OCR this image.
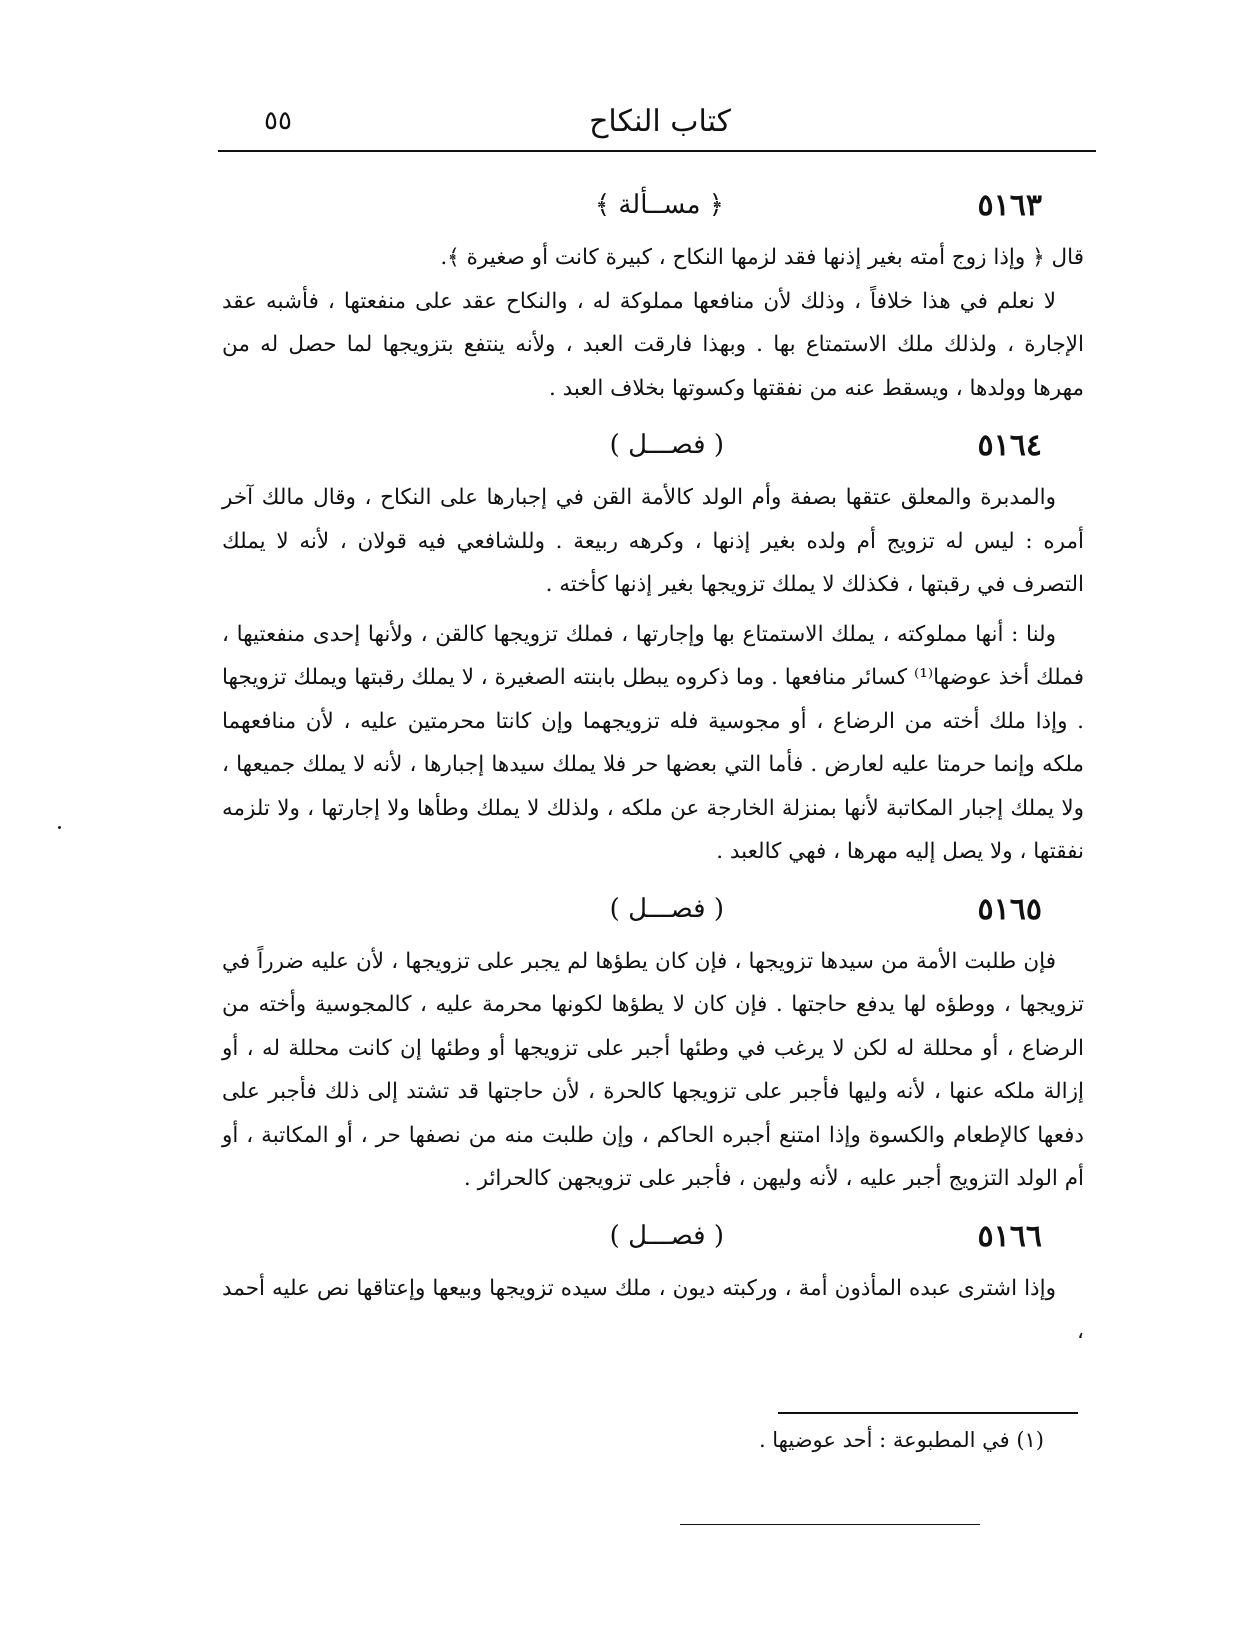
كتاب النكاح
٥٥
٥١٦٣
﴿ مســألة ﴾

قال ﴿ وإذا زوج أمته بغير إذنها فقد لزمها النكاح ، كبيرة كانت أو صغيرة ﴾.

لا نعلم في هذا خلافاً ، وذلك لأن منافعها مملوكة له ، والنكاح عقد على منفعتها ، فأشبه عقد الإجارة ، ولذلك ملك الاستمتاع بها . وبهذا فارقت العبد ، ولأنه ينتفع بتزويجها لما حصل له من مهرها وولدها ، ويسقط عنه من نفقتها وكسوتها بخلاف العبد .

٥١٦٤
( فصـــل )

والمدبرة والمعلق عتقها بصفة وأم الولد كالأمة القن في إجبارها على النكاح ، وقال مالك آخر أمره : ليس له تزويج أم ولده بغير إذنها ، وكرهه ربيعة . وللشافعي فيه قولان ، لأنه لا يملك التصرف في رقبتها ، فكذلك لا يملك تزويجها بغير إذنها كأخته .

ولنا : أنها مملوكته ، يملك الاستمتاع بها وإجارتها ، فملك تزويجها كالقن ، ولأنها إحدى منفعتيها ، فملك أخذ عوضها⁽¹⁾ كسائر منافعها . وما ذكروه يبطل بابنته الصغيرة ، لا يملك رقبتها ويملك تزويجها . وإذا ملك أخته من الرضاع ، أو مجوسية فله تزويجهما وإن كانتا محرمتين عليه ، لأن منافعهما ملكه وإنما حرمتا عليه لعارض . فأما التي بعضها حر فلا يملك سيدها إجبارها ، لأنه لا يملك جميعها ، ولا يملك إجبار المكاتبة لأنها بمنزلة الخارجة عن ملكه ، ولذلك لا يملك وطأها ولا إجارتها ، ولا تلزمه نفقتها ، ولا يصل إليه مهرها ، فهي كالعبد .

٥١٦٥
( فصـــل )

فإن طلبت الأمة من سيدها تزويجها ، فإن كان يطؤها لم يجبر على تزويجها ، لأن عليه ضرراً في تزويجها ، ووطؤه لها يدفع حاجتها . فإن كان لا يطؤها لكونها محرمة عليه ، كالمجوسية وأخته من الرضاع ، أو محللة له لكن لا يرغب في وطئها أجبر على تزويجها أو وطئها إن كانت محللة له ، أو إزالة ملكه عنها ، لأنه وليها فأجبر على تزويجها كالحرة ، لأن حاجتها قد تشتد إلى ذلك فأجبر على دفعها كالإطعام والكسوة وإذا امتنع أجبره الحاكم ، وإن طلبت منه من نصفها حر ، أو المكاتبة ، أو أم الولد التزويج أجبر عليه ، لأنه وليهن ، فأجبر على تزويجهن كالحرائر .

٥١٦٦
( فصـــل )

وإذا اشترى عبده المأذون أمة ، وركبته ديون ، ملك سيده تزويجها وبيعها وإعتاقها نص عليه أحمد ،

(١) في المطبوعة : أحد عوضيها .
